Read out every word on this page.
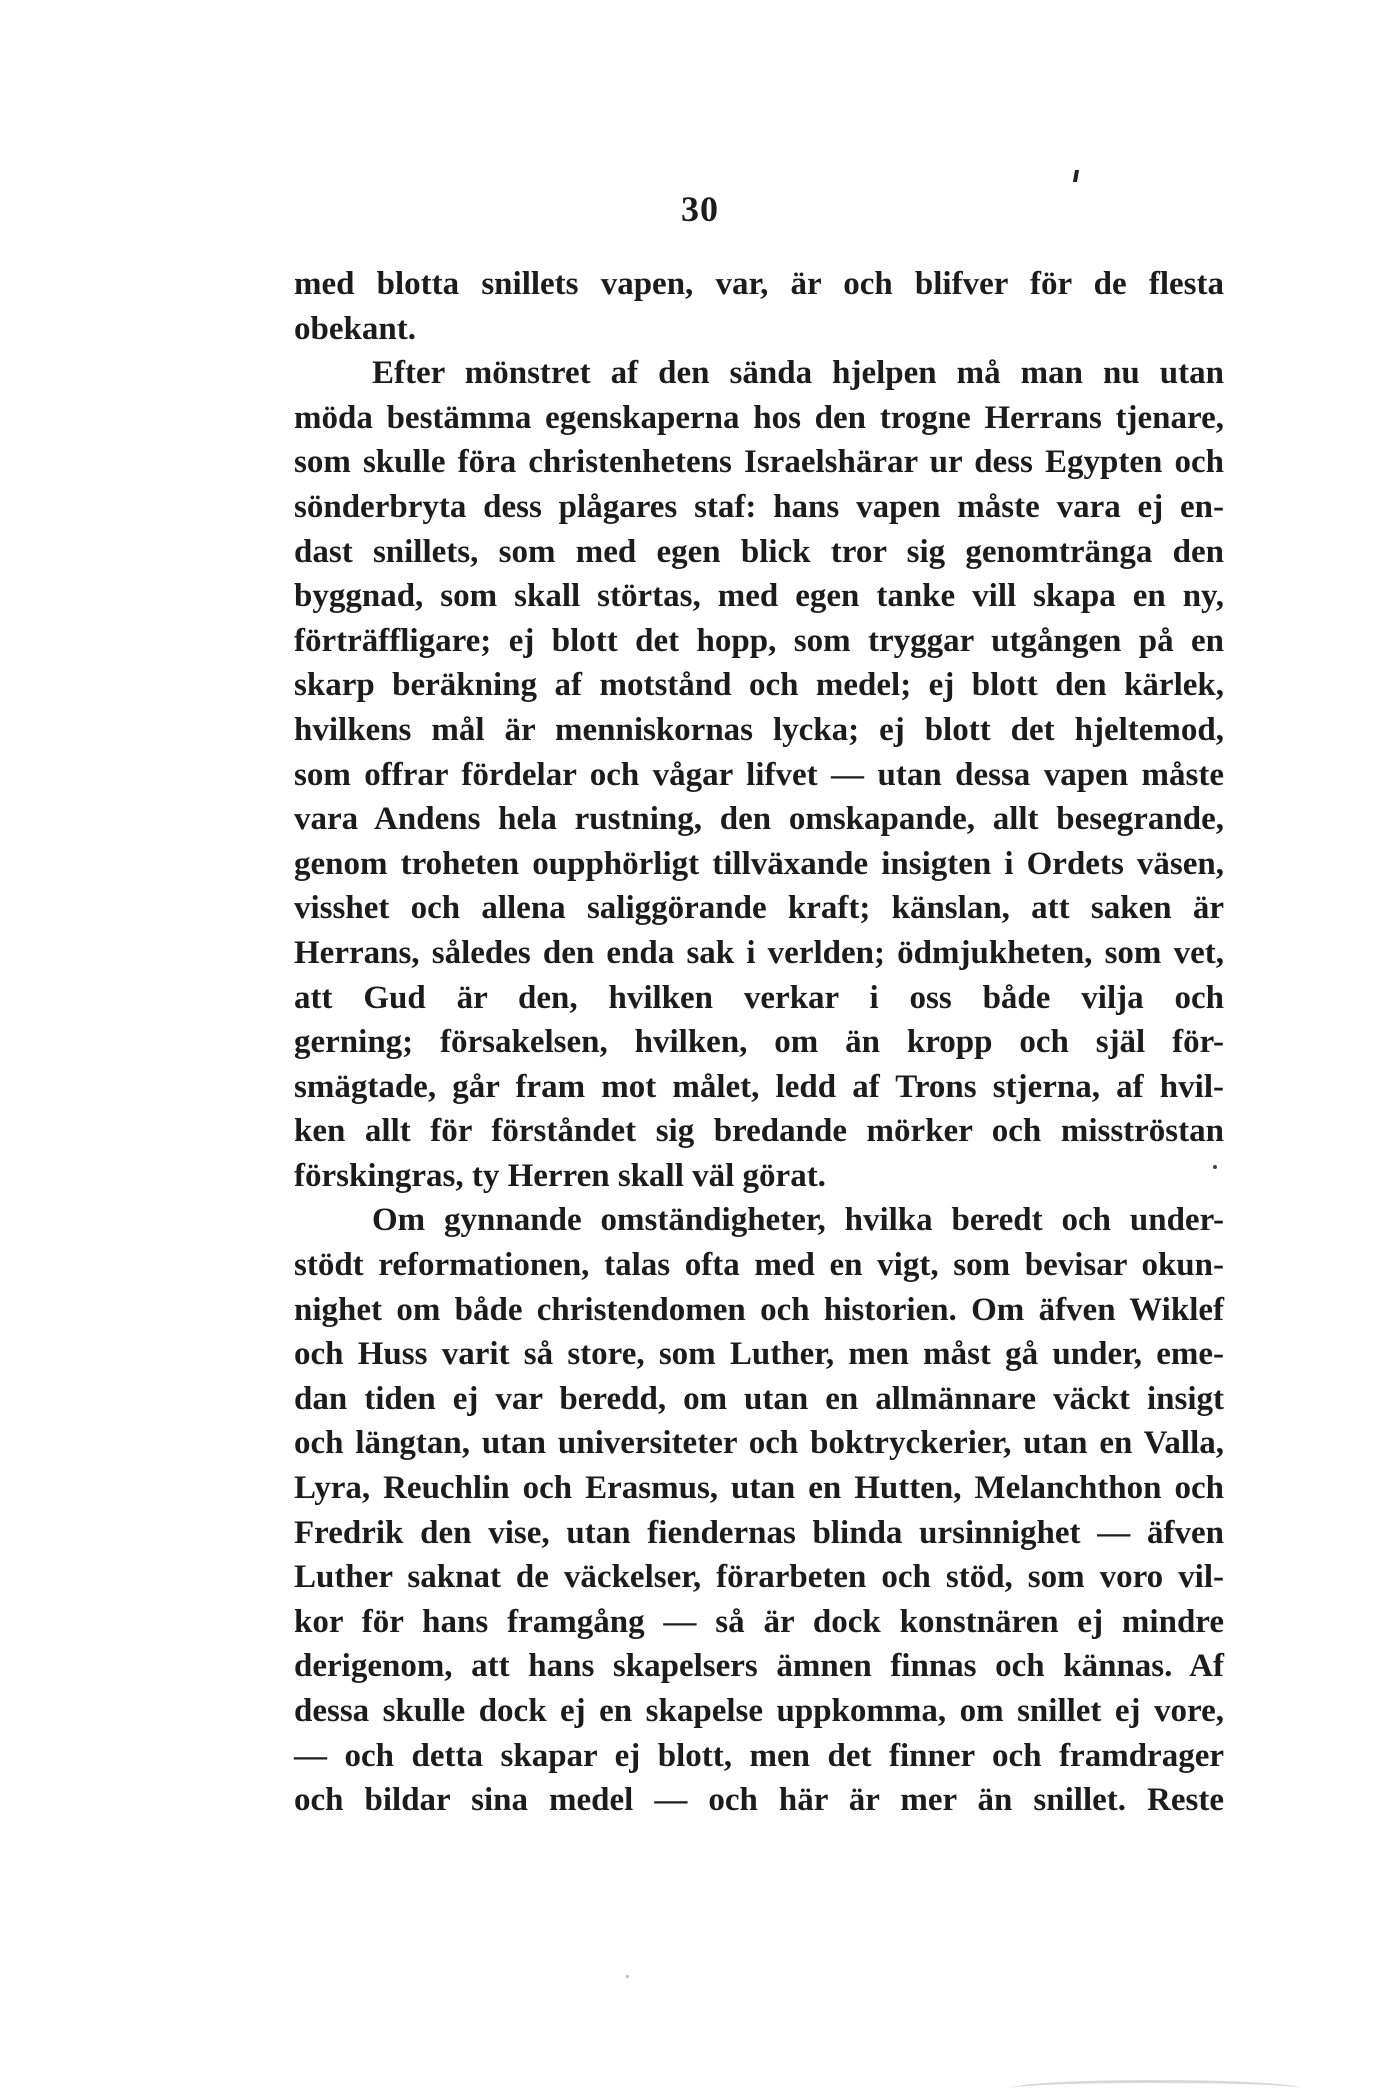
30
med blotta snillets vapen, var, är och blifver för de flesta
obekant.
Efter mönstret af den sända hjelpen må man nu utan
möda bestämma egenskaperna hos den trogne Herrans tjenare,
som skulle föra christenhetens Israelshärar ur dess Egypten och
sönderbryta dess plågares staf: hans vapen måste vara ej en-
dast snillets, som med egen blick tror sig genomtränga den
byggnad, som skall störtas, med egen tanke vill skapa en ny,
förträffligare; ej blott det hopp, som tryggar utgången på en
skarp beräkning af motstånd och medel; ej blott den kärlek,
hvilkens mål är menniskornas lycka; ej blott det hjeltemod,
som offrar fördelar och vågar lifvet — utan dessa vapen måste
vara Andens hela rustning, den omskapande, allt besegrande,
genom troheten oupphörligt tillväxande insigten i Ordets väsen,
visshet och allena saliggörande kraft; känslan, att saken är
Herrans, således den enda sak i verlden; ödmjukheten, som vet,
att Gud är den, hvilken verkar i oss både vilja och
gerning; försakelsen, hvilken, om än kropp och själ för-
smägtade, går fram mot målet, ledd af Trons stjerna, af hvil-
ken allt för förståndet sig bredande mörker och misströstan
förskingras, ty Herren skall väl görat.
Om gynnande omständigheter, hvilka beredt och under-
stödt reformationen, talas ofta med en vigt, som bevisar okun-
nighet om både christendomen och historien. Om äfven Wiklef
och Huss varit så store, som Luther, men måst gå under, eme-
dan tiden ej var beredd, om utan en allmännare väckt insigt
och längtan, utan universiteter och boktryckerier, utan en Valla,
Lyra, Reuchlin och Erasmus, utan en Hutten, Melanchthon och
Fredrik den vise, utan fiendernas blinda ursinnighet — äfven
Luther saknat de väckelser, förarbeten och stöd, som voro vil-
kor för hans framgång — så är dock konstnären ej mindre
derigenom, att hans skapelsers ämnen finnas och kännas. Af
dessa skulle dock ej en skapelse uppkomma, om snillet ej vore,
— och detta skapar ej blott, men det finner och framdrager
och bildar sina medel — och här är mer än snillet. Reste
